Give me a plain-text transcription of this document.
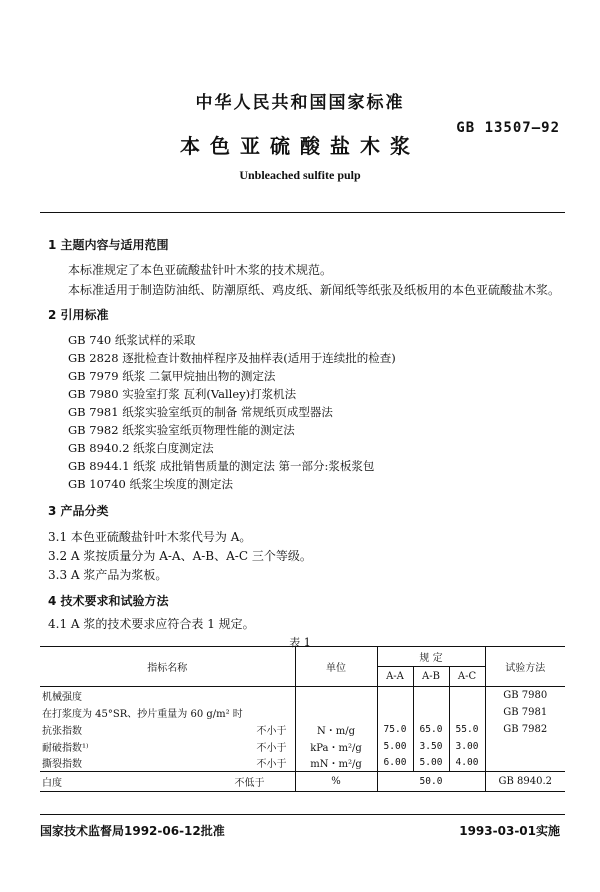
中华人民共和国国家标准
GB 13507—92
本色亚硫酸盐木浆
Unbleached sulfite pulp
1 主题内容与适用范围
本标准规定了本色亚硫酸盐针叶木浆的技术规范。
本标准适用于制造防油纸、防潮原纸、鸡皮纸、新闻纸等纸张及纸板用的本色亚硫酸盐木浆。
2 引用标准
GB 740 纸浆试样的采取
GB 2828 逐批检查计数抽样程序及抽样表(适用于连续批的检查)
GB 7979 纸浆 二氯甲烷抽出物的测定法
GB 7980 实验室打浆 瓦利(Valley)打浆机法
GB 7981 纸浆实验室纸页的制备 常规纸页成型器法
GB 7982 纸浆实验室纸页物理性能的测定法
GB 8940.2 纸浆白度测定法
GB 8944.1 纸浆 成批销售质量的测定法 第一部分:浆板浆包
GB 10740 纸浆尘埃度的测定法
3 产品分类
3.1 本色亚硫酸盐针叶木浆代号为 A。
3.2 A 浆按质量分为 A-A、A-B、A-C 三个等级。
3.3 A 浆产品为浆板。
4 技术要求和试验方法
4.1 A 浆的技术要求应符合表 1 规定。
表 1
指标名称	单位	规 定			试验方法
		A-A	A-B	A-C	
机械强度					GB 7980
在打浆度为 45°SR、抄片重量为 60 g/m² 时					GB 7981
抗张指数 不小于	N・m/g	75.0	65.0	55.0	GB 7982
耐破指数¹⁾ 不小于	kPa・m²/g	5.00	3.50	3.00	
撕裂指数 不小于	mN・m²/g	6.00	5.00	4.00	
白度 不低于	%	50.0			GB 8940.2
国家技术监督局1992-06-12批准	1993-03-01实施
